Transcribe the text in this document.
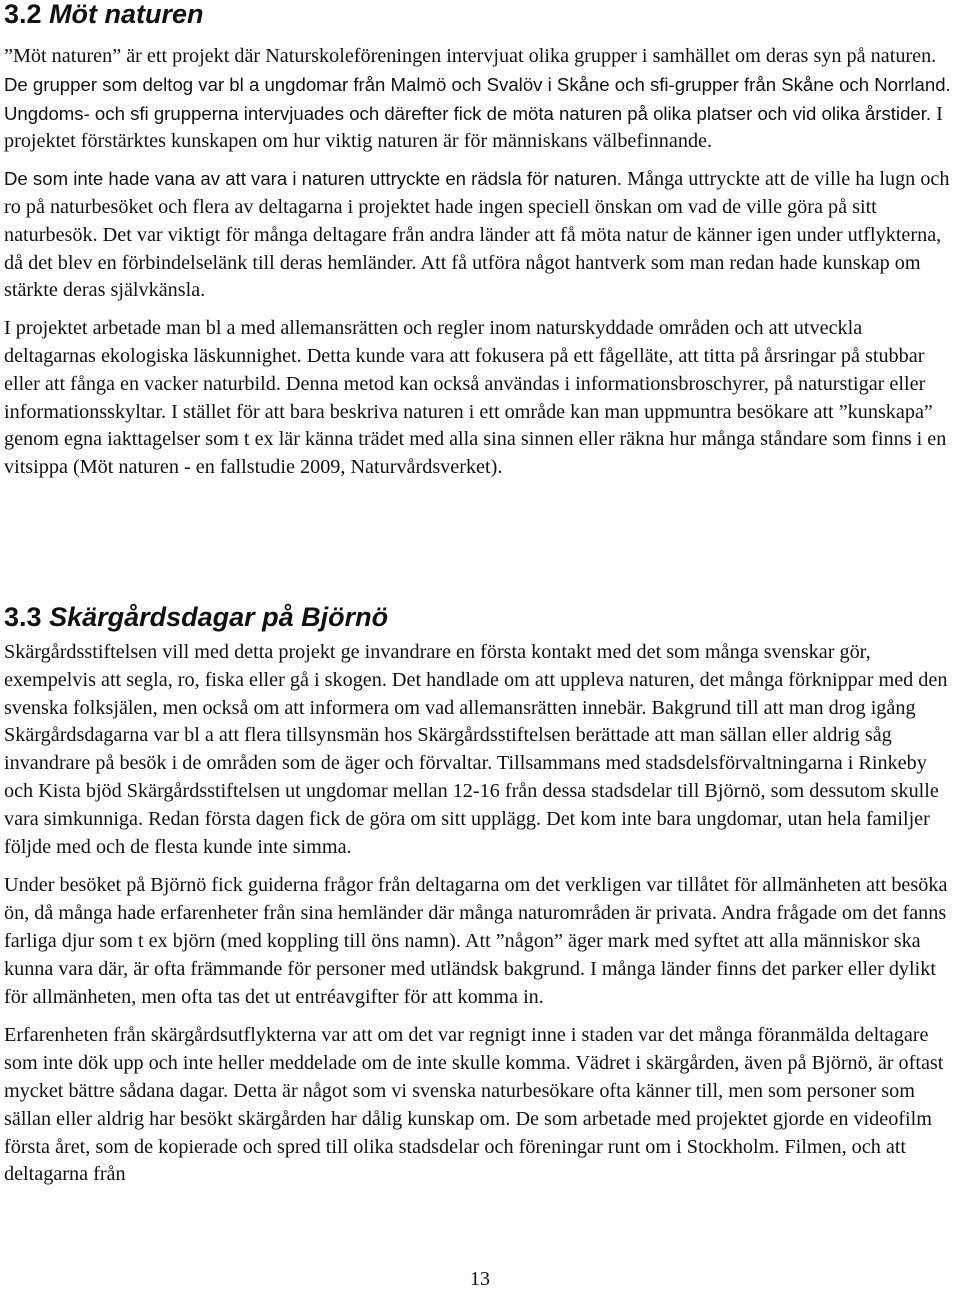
3.2 Möt naturen

”Möt naturen” är ett projekt där Naturskoleföreningen intervjuat olika grupper i samhället om deras syn på naturen. De grupper som deltog var bl a ungdomar från Malmö och Svalöv i Skåne och sfi-grupper från Skåne och Norrland. Ungdoms- och sfi grupperna intervjuades och därefter fick de möta naturen på olika platser och vid olika årstider. I projektet förstärktes kunskapen om hur viktig naturen är för människans välbefinnande.

De som inte hade vana av att vara i naturen uttryckte en rädsla för naturen. Många uttryckte att de ville ha lugn och ro på naturbesöket och flera av deltagarna i projektet hade ingen speciell önskan om vad de ville göra på sitt naturbesök. Det var viktigt för många deltagare från andra länder att få möta natur de känner igen under utflykterna, då det blev en förbindelselänk till deras hemländer. Att få utföra något hantverk som man redan hade kunskap om stärkte deras självkänsla.

I projektet arbetade man bl a med allemansrätten och regler inom naturskyddade områden och att utveckla deltagarnas ekologiska läskunnighet. Detta kunde vara att fokusera på ett fågelläte, att titta på årsringar på stubbar eller att fånga en vacker naturbild. Denna metod kan också användas i informationsbroschyrer, på naturstigar eller informationsskyltar. I stället för att bara beskriva naturen i ett område kan man uppmuntra besökare att ”kunskapa” genom egna iakttagelser som t ex lär känna trädet med alla sina sinnen eller räkna hur många ståndare som finns i en vitsippa (Möt naturen - en fallstudie 2009, Naturvårdsverket).

3.3 Skärgårdsdagar på Björnö

Skärgårdsstiftelsen vill med detta projekt ge invandrare en första kontakt med det som många svenskar gör, exempelvis att segla, ro, fiska eller gå i skogen. Det handlade om att uppleva naturen, det många förknippar med den svenska folksjälen, men också om att informera om vad allemansrätten innebär. Bakgrund till att man drog igång Skärgårdsdagarna var bl a att flera tillsynsmän hos Skärgårdsstiftelsen berättade att man sällan eller aldrig såg invandrare på besök i de områden som de äger och förvaltar. Tillsammans med stadsdelsförvaltningarna i Rinkeby och Kista bjöd Skärgårdsstiftelsen ut ungdomar mellan 12-16 från dessa stadsdelar till Björnö, som dessutom skulle vara simkunniga. Redan första dagen fick de göra om sitt upplägg. Det kom inte bara ungdomar, utan hela familjer följde med och de flesta kunde inte simma.

Under besöket på Björnö fick guiderna frågor från deltagarna om det verkligen var tillåtet för allmänheten att besöka ön, då många hade erfarenheter från sina hemländer där många naturområden är privata. Andra frågade om det fanns farliga djur som t ex björn (med koppling till öns namn). Att ”någon” äger mark med syftet att alla människor ska kunna vara där, är ofta främmande för personer med utländsk bakgrund. I många länder finns det parker eller dylikt för allmänheten, men ofta tas det ut entréavgifter för att komma in.

Erfarenheten från skärgårdsutflykterna var att om det var regnigt inne i staden var det många föranmälda deltagare som inte dök upp och inte heller meddelade om de inte skulle komma. Vädret i skärgården, även på Björnö, är oftast mycket bättre sådana dagar. Detta är något som vi svenska naturbesökare ofta känner till, men som personer som sällan eller aldrig har besökt skärgården har dålig kunskap om. De som arbetade med projektet gjorde en videofilm första året, som de kopierade och spred till olika stadsdelar och föreningar runt om i Stockholm. Filmen, och att deltagarna från

13
